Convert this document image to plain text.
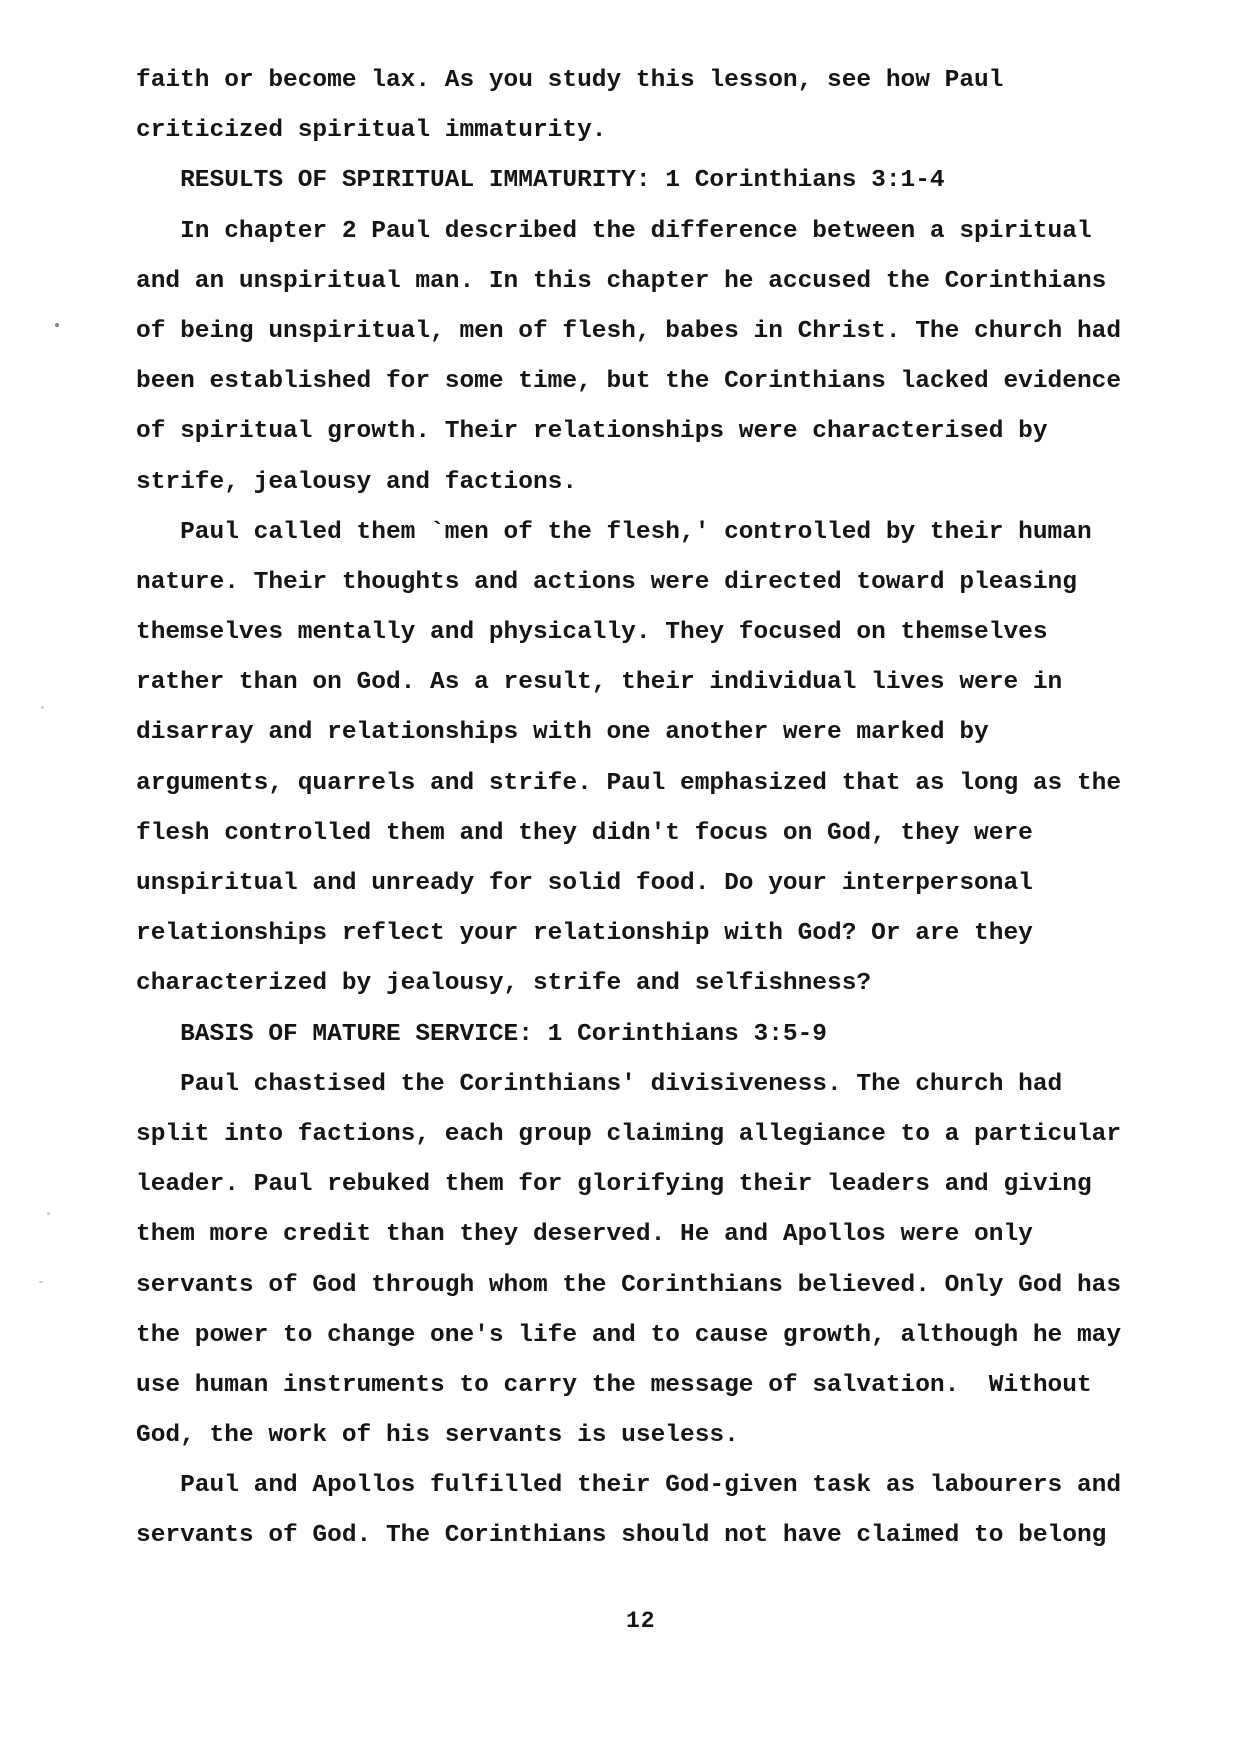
faith or become lax. As you study this lesson, see how Paul
criticized spiritual immaturity.
RESULTS OF SPIRITUAL IMMATURITY: 1 Corinthians 3:1-4
In chapter 2 Paul described the difference between a spiritual
and an unspiritual man. In this chapter he accused the Corinthians
of being unspiritual, men of flesh, babes in Christ. The church had
been established for some time, but the Corinthians lacked evidence
of spiritual growth. Their relationships were characterised by
strife, jealousy and factions.
Paul called them `men of the flesh,' controlled by their human
nature. Their thoughts and actions were directed toward pleasing
themselves mentally and physically. They focused on themselves
rather than on God. As a result, their individual lives were in
disarray and relationships with one another were marked by
arguments, quarrels and strife. Paul emphasized that as long as the
flesh controlled them and they didn't focus on God, they were
unspiritual and unready for solid food. Do your interpersonal
relationships reflect your relationship with God? Or are they
characterized by jealousy, strife and selfishness?
BASIS OF MATURE SERVICE: 1 Corinthians 3:5-9
Paul chastised the Corinthians' divisiveness. The church had
split into factions, each group claiming allegiance to a particular
leader. Paul rebuked them for glorifying their leaders and giving
them more credit than they deserved. He and Apollos were only
servants of God through whom the Corinthians believed. Only God has
the power to change one's life and to cause growth, although he may
use human instruments to carry the message of salvation.  Without
God, the work of his servants is useless.
Paul and Apollos fulfilled their God-given task as labourers and
servants of God. The Corinthians should not have claimed to belong
12
